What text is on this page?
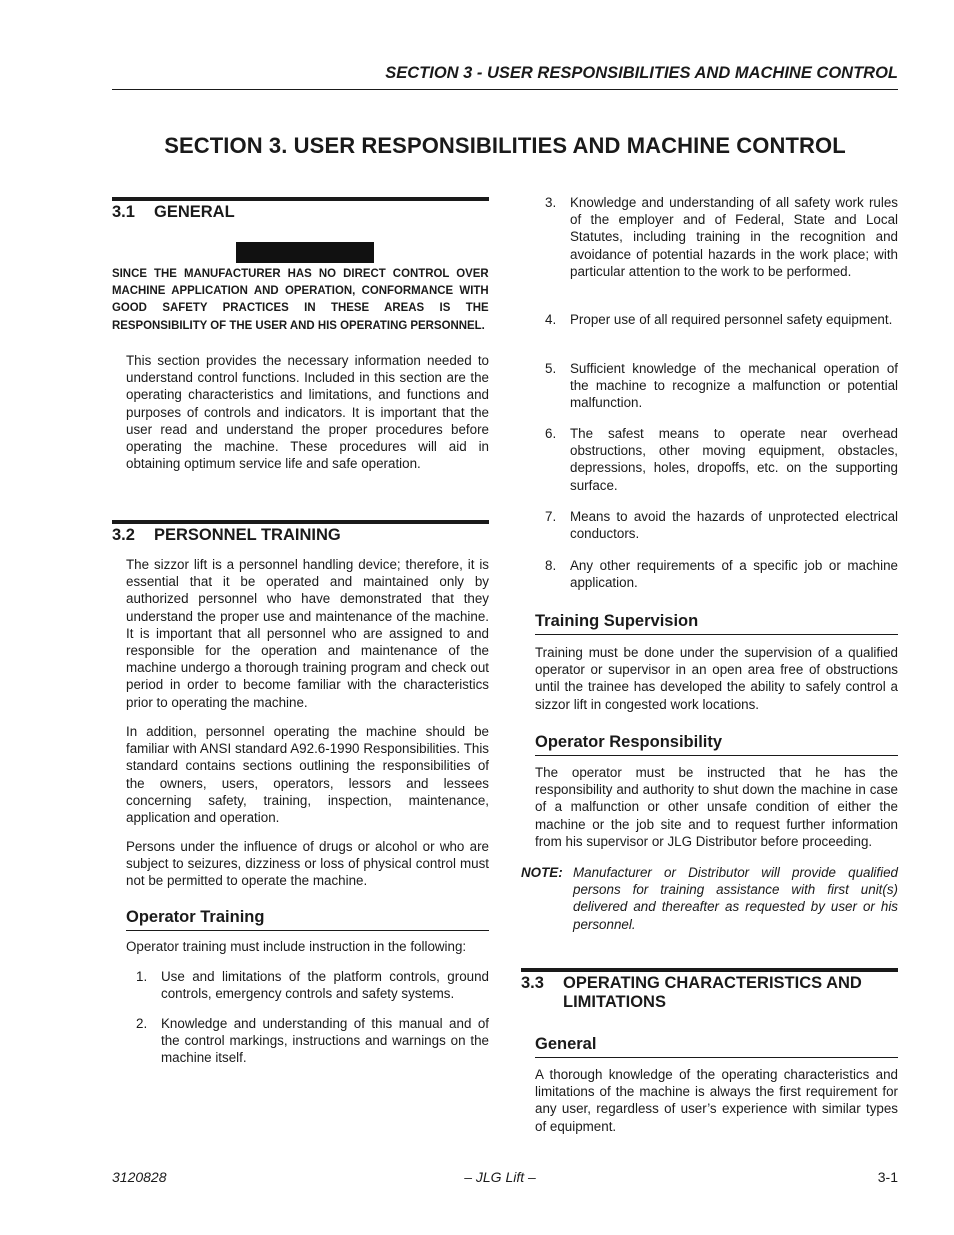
SECTION 3 - USER RESPONSIBILITIES AND MACHINE CONTROL
SECTION 3. USER RESPONSIBILITIES AND MACHINE CONTROL
3.1 GENERAL
SINCE THE MANUFACTURER HAS NO DIRECT CONTROL OVER MACHINE APPLICATION AND OPERATION, CONFORMANCE WITH GOOD SAFETY PRACTICES IN THESE AREAS IS THE RESPONSIBILITY OF THE USER AND HIS OPERATING PERSONNEL.
This section provides the necessary information needed to understand control functions. Included in this section are the operating characteristics and limitations, and functions and purposes of controls and indicators. It is important that the user read and understand the proper procedures before operating the machine. These procedures will aid in obtaining optimum service life and safe operation.
3.2 PERSONNEL TRAINING
The sizzor lift is a personnel handling device; therefore, it is essential that it be operated and maintained only by authorized personnel who have demonstrated that they understand the proper use and maintenance of the machine. It is important that all personnel who are assigned to and responsible for the operation and maintenance of the machine undergo a thorough training program and check out period in order to become familiar with the characteristics prior to operating the machine.
In addition, personnel operating the machine should be familiar with ANSI standard A92.6-1990 Responsibilities. This standard contains sections outlining the responsibilities of the owners, users, operators, lessors and lessees concerning safety, training, inspection, maintenance, application and operation.
Persons under the influence of drugs or alcohol or who are subject to seizures, dizziness or loss of physical control must not be permitted to operate the machine.
Operator Training
Operator training must include instruction in the following:
1. Use and limitations of the platform controls, ground controls, emergency controls and safety systems.
2. Knowledge and understanding of this manual and of the control markings, instructions and warnings on the machine itself.
3. Knowledge and understanding of all safety work rules of the employer and of Federal, State and Local Statutes, including training in the recognition and avoidance of potential hazards in the work place; with particular attention to the work to be performed.
4. Proper use of all required personnel safety equipment.
5. Sufficient knowledge of the mechanical operation of the machine to recognize a malfunction or potential malfunction.
6. The safest means to operate near overhead obstructions, other moving equipment, obstacles, depressions, holes, dropoffs, etc. on the supporting surface.
7. Means to avoid the hazards of unprotected electrical conductors.
8. Any other requirements of a specific job or machine application.
Training Supervision
Training must be done under the supervision of a qualified operator or supervisor in an open area free of obstructions until the trainee has developed the ability to safely control a sizzor lift in congested work locations.
Operator Responsibility
The operator must be instructed that he has the responsibility and authority to shut down the machine in case of a malfunction or other unsafe condition of either the machine or the job site and to request further information from his supervisor or JLG Distributor before proceeding.
NOTE: Manufacturer or Distributor will provide qualified persons for training assistance with first unit(s) delivered and thereafter as requested by user or his personnel.
3.3 OPERATING CHARACTERISTICS AND
LIMITATIONS
General
A thorough knowledge of the operating characteristics and limitations of the machine is always the first requirement for any user, regardless of user’s experience with similar types of equipment.
3120828	– JLG Lift –	3-1
